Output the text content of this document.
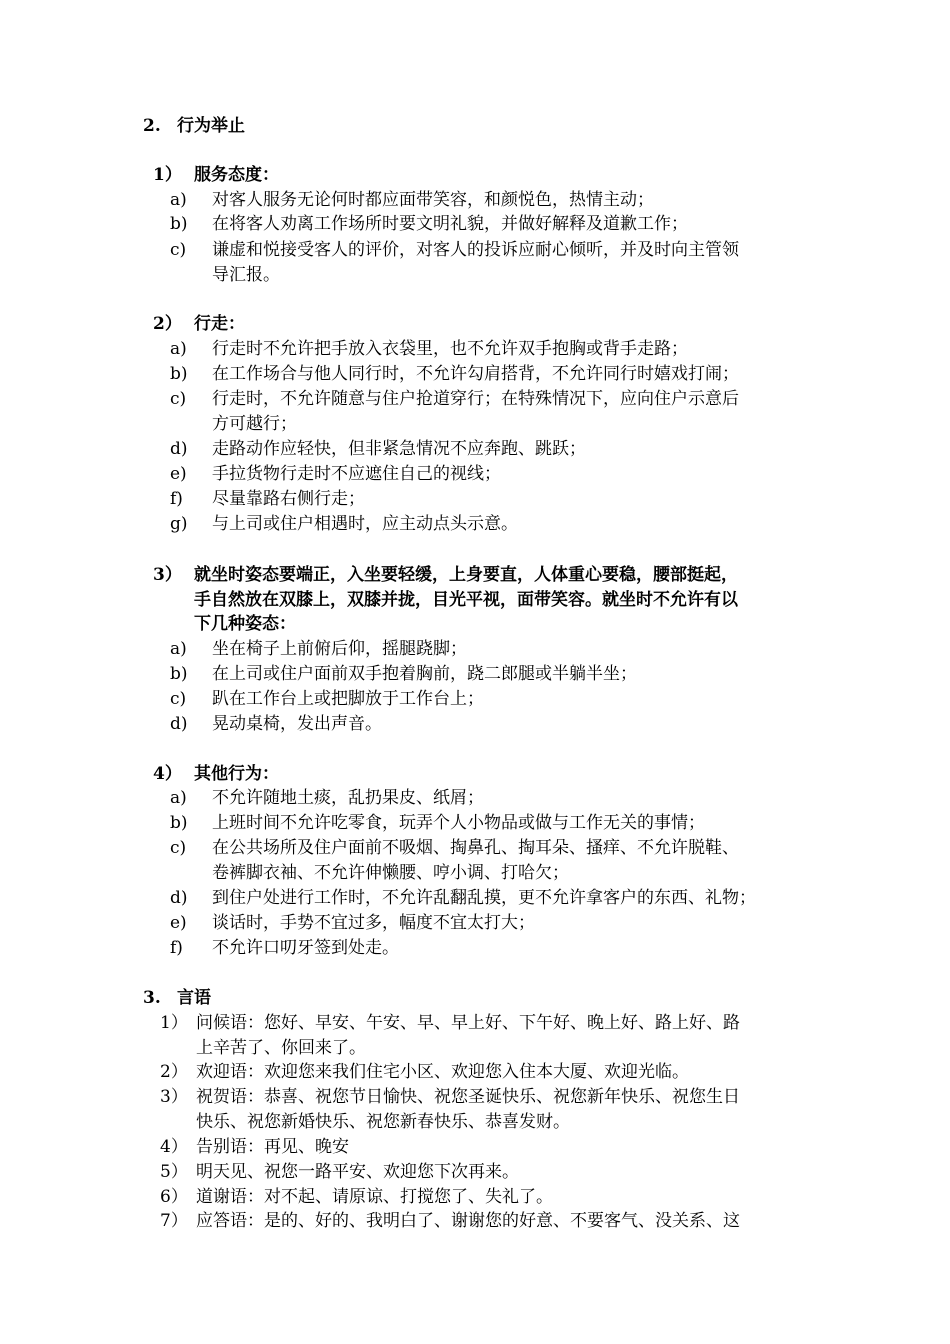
2. 行为举止
1） 服务态度：
a) 对客人服务无论何时都应面带笑容，和颜悦色，热情主动；
b) 在将客人劝离工作场所时要文明礼貌，并做好解释及道歉工作；
c) 谦虚和悦接受客人的评价，对客人的投诉应耐心倾听，并及时向主管领
导汇报。
2） 行走：
a) 行走时不允许把手放入衣袋里，也不允许双手抱胸或背手走路；
b) 在工作场合与他人同行时，不允许勾肩搭背，不允许同行时嬉戏打闹；
c) 行走时，不允许随意与住户抢道穿行；在特殊情况下，应向住户示意后
方可越行；
d) 走路动作应轻快，但非紧急情况不应奔跑、跳跃；
e) 手拉货物行走时不应遮住自己的视线；
f) 尽量靠路右侧行走；
g) 与上司或住户相遇时，应主动点头示意。
3） 就坐时姿态要端正，入坐要轻缓，上身要直，人体重心要稳，腰部挺起，
手自然放在双膝上，双膝并拢，目光平视，面带笑容。就坐时不允许有以
下几种姿态：
a) 坐在椅子上前俯后仰，摇腿跷脚；
b) 在上司或住户面前双手抱着胸前，跷二郎腿或半躺半坐；
c) 趴在工作台上或把脚放于工作台上；
d) 晃动桌椅，发出声音。
4） 其他行为：
a) 不允许随地土痰，乱扔果皮、纸屑；
b) 上班时间不允许吃零食，玩弄个人小物品或做与工作无关的事情；
c) 在公共场所及住户面前不吸烟、掏鼻孔、掏耳朵、搔痒、不允许脱鞋、
卷裤脚衣袖、不允许伸懒腰、哼小调、打哈欠；
d) 到住户处进行工作时，不允许乱翻乱摸，更不允许拿客户的东西、礼物；
e) 谈话时，手势不宜过多，幅度不宜太打大；
f) 不允许口叨牙签到处走。
3. 言语
1） 问候语：您好、早安、午安、早、早上好、下午好、晚上好、路上好、路
上辛苦了、你回来了。
2） 欢迎语：欢迎您来我们住宅小区、欢迎您入住本大厦、欢迎光临。
3） 祝贺语：恭喜、祝您节日愉快、祝您圣诞快乐、祝您新年快乐、祝您生日
快乐、祝您新婚快乐、祝您新春快乐、恭喜发财。
4） 告别语：再见、晚安
5） 明天见、祝您一路平安、欢迎您下次再来。
6） 道谢语：对不起、请原谅、打搅您了、失礼了。
7） 应答语：是的、好的、我明白了、谢谢您的好意、不要客气、没关系、这
